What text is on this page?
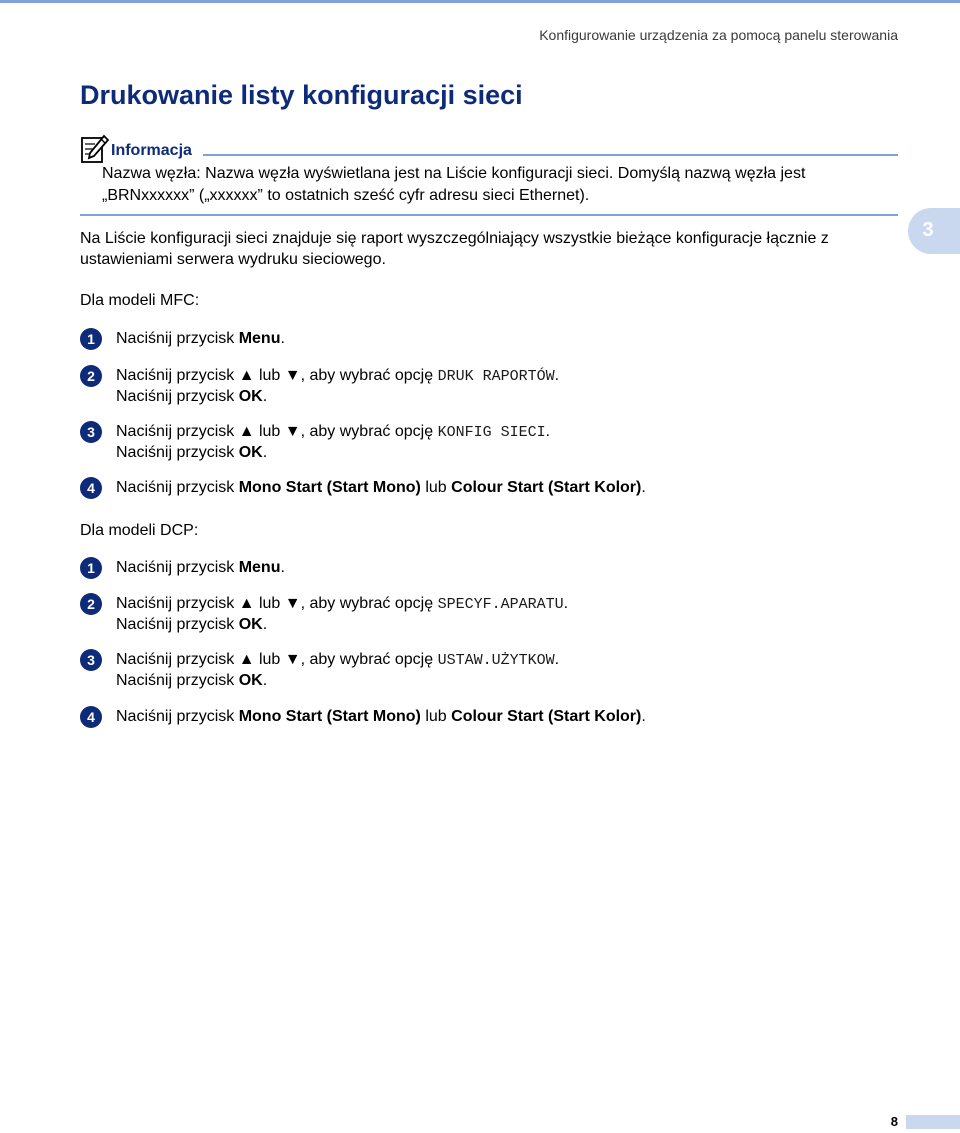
Konfigurowanie urządzenia za pomocą panelu sterowania
Drukowanie listy konfiguracji sieci
Informacja

Nazwa węzła: Nazwa węzła wyświetlana jest na Liście konfiguracji sieci. Domyślą nazwą węzła jest
„BRNxxxxxx” („xxxxxx” to ostatnich sześć cyfr adresu sieci Ethernet).

Na Liście konfiguracji sieci znajduje się raport wyszczególniający wszystkie bieżące konfiguracje łącznie z
ustawieniami serwera wydruku sieciowego.

3

Dla modeli MFC:

1	Naciśnij przycisk Menu.
2	Naciśnij przycisk ▲ lub ▼, aby wybrać opcję DRUK RAPORTÓW.
Naciśnij przycisk OK.
3	Naciśnij przycisk ▲ lub ▼, aby wybrać opcję KONFIG SIECI.
Naciśnij przycisk OK.
4	Naciśnij przycisk Mono Start (Start Mono) lub Colour Start (Start Kolor).

Dla modeli DCP:

1	Naciśnij przycisk Menu.
2	Naciśnij przycisk ▲ lub ▼, aby wybrać opcję SPECYF.APARATU.
Naciśnij przycisk OK.
3	Naciśnij przycisk ▲ lub ▼, aby wybrać opcję USTAW.UŻYTKOW.
Naciśnij przycisk OK.
4	Naciśnij przycisk Mono Start (Start Mono) lub Colour Start (Start Kolor).
8
